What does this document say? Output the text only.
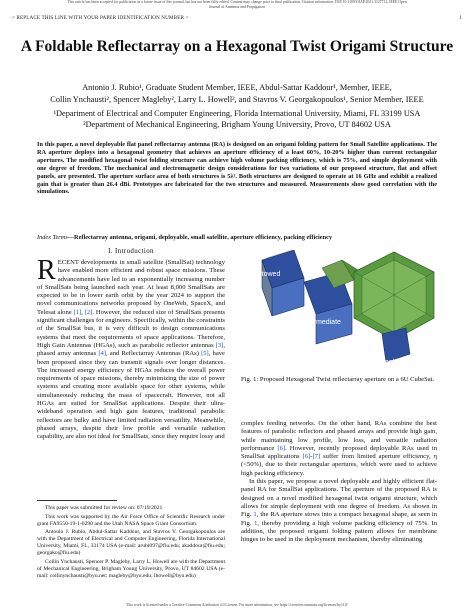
This article has been accepted for publication in a future issue of this journal, but has not been fully edited. Content may change prior to final publication. Citation information: DOI 10.1109/OJAP.2021.3127712, IEEE Open
Journal of Antennas and Propagation
> REPLACE THIS LINE WITH YOUR PAPER IDENTIFICATION NUMBER <	1
A Foldable Reflectarray on a Hexagonal Twist Origami Structure
Antonio J. Rubio¹, Graduate Student Member, IEEE, Abdul-Sattar Kaddour¹, Member, IEEE,
Collin Ynchausti², Spencer Magleby², Larry L. Howell², and Stavros V. Georgakopoulos¹, Senior Member, IEEE
¹Department of Electrical and Computer Engineering, Florida International University, Miami, FL 33199 USA
²Department of Mechanical Engineering, Brigham Young University, Provo, UT 84602 USA
In this paper, a novel deployable flat panel reflectarray antenna (RA) is designed on an origami folding pattern for Small Satellite applications. The RA aperture deploys into a hexagonal geometry that achieves an aperture efficiency of a least 60%, 10-20% higher than current rectangular apertures. The modified hexagonal twist folding structure can achieve high volume packing efficiency, which is 75%, and simple deployment with one degree of freedom. The mechanical and electromagnetic design considerations for two variations of our proposed structure, flat and offset panels, are presented. The aperture surface area of both structures is 5λ². Both structures are designed to operate at 16 GHz and exhibit a realized gain that is greater than 26.4 dBi. Prototypes are fabricated for the two structures and measured. Measurements show good correlation with the simulations.
Index Terms—Reflectarray antenna, origami, deployable, small satellite, aperture efficiency, packing efficiency
I. Introduction
RECENT developments in small satellite (SmallSat) technology have enabled more efficient and robust space missions. These advancements have led to an exponentially increasing number of SmallSats being launched each year. At least 8,000 SmallSats are expected to be in lower earth orbit by the year 2024 to support the novel communications networks proposed by OneWeb, SpaceX, and Telesat alone [1], [2]. However, the reduced size of SmallSats presents significant challenges for engineers. Specifically, within the constraints of the SmallSat bus, it is very difficult to design communications systems that meet the requirements of space applications. Therefore, High Gain Antennas (HGAs), such as parabolic reflector antennas [3], phased array antennas [4], and Reflectarray Antennas (RAs) [5], have been proposed since they can transmit signals over longer distances. The increased energy efficiency of HGAs reduces the overall power requirements of space missions, thereby minimizing the size of power systems and creating more available space for other systems, while simultaneously reducing the mass of spacecraft. However, not all HGAs are suited for SmallSat applications. Despite their ultra-wideband operation and high gain features, traditional parabolic reflectors are bulky and have limited radiation versatility. Meanwhile, phased arrays, despite their low profile and versatile radiation capability, are also not ideal for SmallSats, since they require lossy and

This paper was submitted for review on: 07/19/2021

This work was supported by the Air Force Office of Scientific Research under grant FA9550-19-1-0290 and the Utah NASA Space Grant Consortium.

Antonio J. Rubio, Abdul-Sattar Kaddour, and Stavros V. Georgakopoulos are with the Department of Electrical and Computer Engineering, Florida International University, Miami, FL, 33174 USA (e-mail: arubi097@fiu.edu; akaddour@fiu.edu; georgako@fiu.edu)

Collin Ynchausti, Spencer P. Magleby, Larry L. Howell are with the Department of Mechanical Engineering, Brigham Young University, Provo, UT 84602 USA (e-mail: collinynchausti@byu.net; magleby@byu.edu; lhowell@byu.edu)

Stowed
Intermediate
Deployed
Fig. 1: Proposed Hexagonal Twist reflectarray aperture on a 6U CubeSat.
complex feeding networks. On the other hand, RAs combine the best features of parabolic reflectors and phased arrays and provide high gain, while maintaining low profile, low loss, and versatile radiation performance [6]. However, recently proposed deployable RAs used in SmallSat applications [6]-[7] suffer from limited aperture efficiency, η (<50%), due to their rectangular apertures, which were used to achieve high packing efficiency.
In this paper, we propose a novel deployable and highly efficient flat-panel RA for SmallSat applications. The aperture of the proposed RA is designed on a novel modified hexagonal twist origami structure, which allows for simple deployment with one degree of freedom. As shown in Fig. 1, the RA aperture stows into a compact hexagonal shape, as seen in Fig. 1, thereby providing a high volume packing efficiency of 75%. In addition, the proposed origami folding pattern allows for membrane hinges to be used in the deployment mechanism, thereby eliminating
This work is licensed under a Creative Commons Attribution 4.0 License. For more information, see https://creativecommons.org/licenses/by/4.0/
